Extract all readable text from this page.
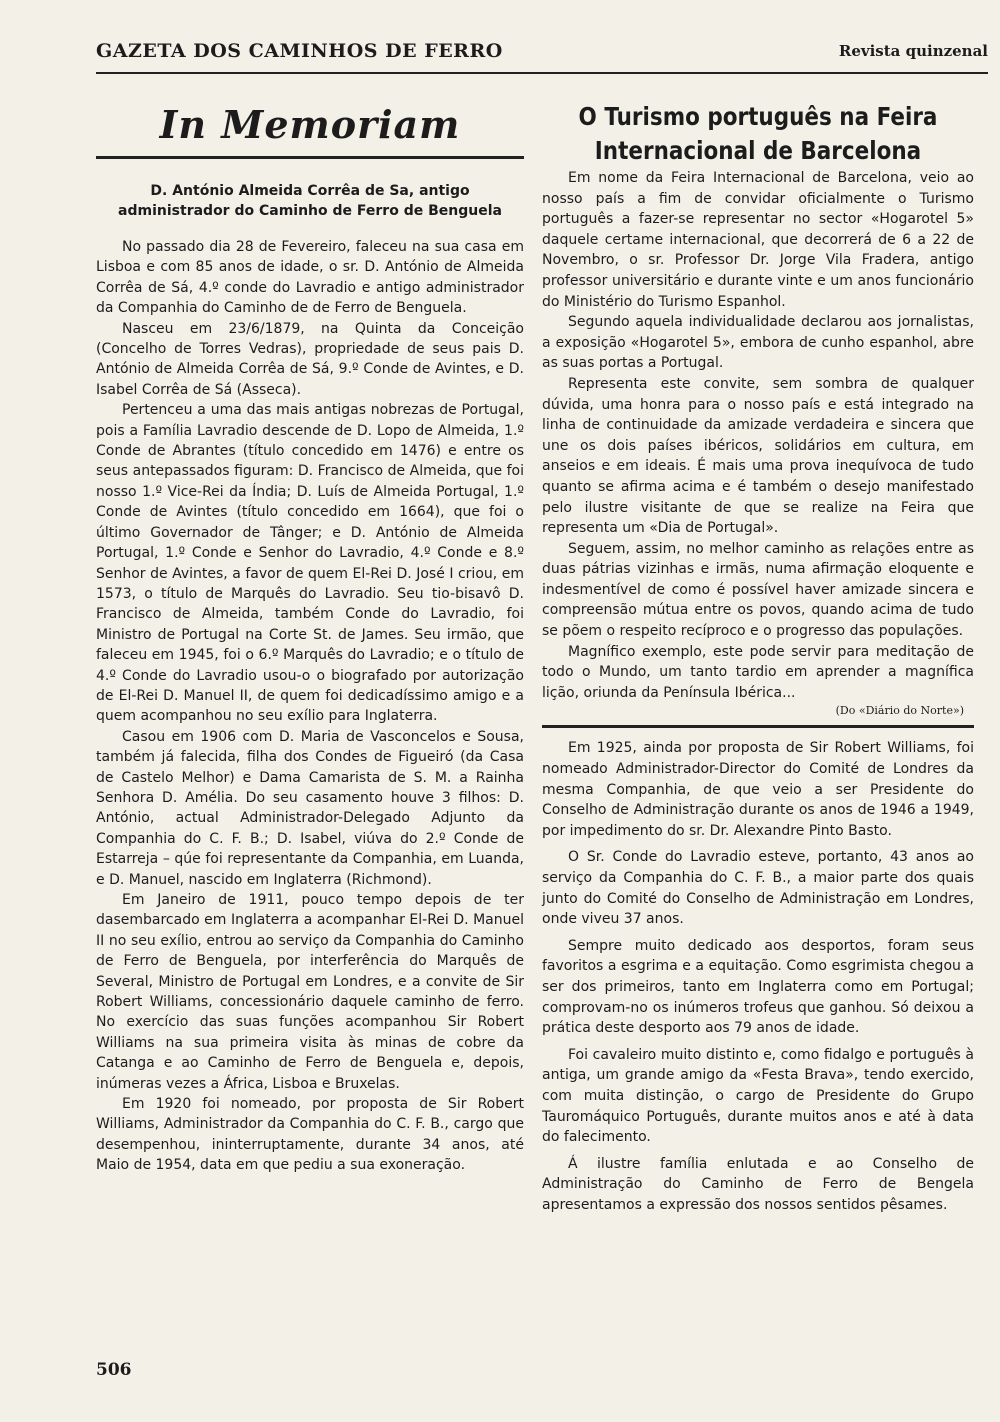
GAZETA DOS CAMINHOS DE FERRO	Revista quinzenal
In Memoriam
D. António Almeida Corrêa de Sa, antigo administrador do Caminho de Ferro de Benguela

No passado dia 28 de Fevereiro, faleceu na sua casa em Lisboa e com 85 anos de idade, o sr. D. António de Almeida Corrêa de Sá, 4.º conde do Lavradio e antigo administrador da Companhia do Caminho de de Ferro de Benguela.

Nasceu em 23/6/1879, na Quinta da Conceição (Concelho de Torres Vedras), propriedade de seus pais D. António de Almeida Corrêa de Sá, 9.º Conde de Avintes, e D. Isabel Corrêa de Sá (Asseca).

Pertenceu a uma das mais antigas nobrezas de Portugal, pois a Família Lavradio descende de D. Lopo de Almeida, 1.º Conde de Abrantes (título concedido em 1476) e entre os seus antepassados figuram: D. Francisco de Almeida, que foi nosso 1.º Vice-Rei da Índia; D. Luís de Almeida Portugal, 1.º Conde de Avintes (título concedido em 1664), que foi o último Governador de Tânger; e D. António de Almeida Portugal, 1.º Conde e Senhor do Lavradio, 4.º Conde e 8.º Senhor de Avintes, a favor de quem El-Rei D. José I criou, em 1573, o título de Marquês do Lavradio. Seu tio-bisavô D. Francisco de Almeida, também Conde do Lavradio, foi Ministro de Portugal na Corte St. de James. Seu irmão, que faleceu em 1945, foi o 6.º Marquês do Lavradio; e o título de 4.º Conde do Lavradio usou-o o biografado por autorização de El-Rei D. Manuel II, de quem foi dedicadíssimo amigo e a quem acompanhou no seu exílio para Inglaterra.

Casou em 1906 com D. Maria de Vasconcelos e Sousa, também já falecida, filha dos Condes de Figueiró (da Casa de Castelo Melhor) e Dama Camarista de S. M. a Rainha Senhora D. Amélia. Do seu casamento houve 3 filhos: D. António, actual Administrador-Delegado Adjunto da Companhia do C. F. B.; D. Isabel, viúva do 2.º Conde de Estarreja – qúe foi representante da Companhia, em Luanda, e D. Manuel, nascido em Inglaterra (Richmond).

Em Janeiro de 1911, pouco tempo depois de ter dasembarcado em Inglaterra a acompanhar El-Rei D. Manuel II no seu exílio, entrou ao serviço da Companhia do Caminho de Ferro de Benguela, por interferência do Marquês de Several, Ministro de Portugal em Londres, e a convite de Sir Robert Williams, concessionário daquele caminho de ferro. No exercício das suas funções acompanhou Sir Robert Williams na sua primeira visita às minas de cobre da Catanga e ao Caminho de Ferro de Benguela e, depois, inúmeras vezes a África, Lisboa e Bruxelas.

Em 1920 foi nomeado, por proposta de Sir Robert Williams, Administrador da Companhia do C. F. B., cargo que desempenhou, ininterruptamente, durante 34 anos, até Maio de 1954, data em que pediu a sua exoneração.

O Turismo português na Feira
Internacional de Barcelona

Em nome da Feira Internacional de Barcelona, veio ao nosso país a fim de convidar oficialmente o Turismo português a fazer-se representar no sector «Hogarotel 5» daquele certame internacional, que decorrerá de 6 a 22 de Novembro, o sr. Professor Dr. Jorge Vila Fradera, antigo professor universitário e durante vinte e um anos funcionário do Ministério do Turismo Espanhol.

Segundo aquela individualidade declarou aos jornalistas, a exposição «Hogarotel 5», embora de cunho espanhol, abre as suas portas a Portugal.

Representa este convite, sem sombra de qualquer dúvida, uma honra para o nosso país e está integrado na linha de continuidade da amizade verdadeira e sincera que une os dois países ibéricos, solidários em cultura, em anseios e em ideais. É mais uma prova inequívoca de tudo quanto se afirma acima e é também o desejo manifestado pelo ilustre visitante de que se realize na Feira que representa um «Dia de Portugal».

Seguem, assim, no melhor caminho as relações entre as duas pátrias vizinhas e irmãs, numa afirmação eloquente e indesmentível de como é possível haver amizade sincera e compreensão mútua entre os povos, quando acima de tudo se põem o respeito recíproco e o progresso das populações.

Magnífico exemplo, este pode servir para meditação de todo o Mundo, um tanto tardio em aprender a magnífica lição, oriunda da Península Ibérica...

(Do «Diário do Norte»)

Em 1925, ainda por proposta de Sir Robert Williams, foi nomeado Administrador-Director do Comité de Londres da mesma Companhia, de que veio a ser Presidente do Conselho de Administração durante os anos de 1946 a 1949, por impedimento do sr. Dr. Alexandre Pinto Basto.

O Sr. Conde do Lavradio esteve, portanto, 43 anos ao serviço da Companhia do C. F. B., a maior parte dos quais junto do Comité do Conselho de Administração em Londres, onde viveu 37 anos.

Sempre muito dedicado aos desportos, foram seus favoritos a esgrima e a equitação. Como esgrimista chegou a ser dos primeiros, tanto em Inglaterra como em Portugal; comprovam-no os inúmeros trofeus que ganhou. Só deixou a prática deste desporto aos 79 anos de idade.

Foi cavaleiro muito distinto e, como fidalgo e português à antiga, um grande amigo da «Festa Brava», tendo exercido, com muita distinção, o cargo de Presidente do Grupo Tauromáquico Português, durante muitos anos e até à data do falecimento.

Á ilustre família enlutada e ao Conselho de Administração do Caminho de Ferro de Bengela apresentamos a expressão dos nossos sentidos pêsames.

506
